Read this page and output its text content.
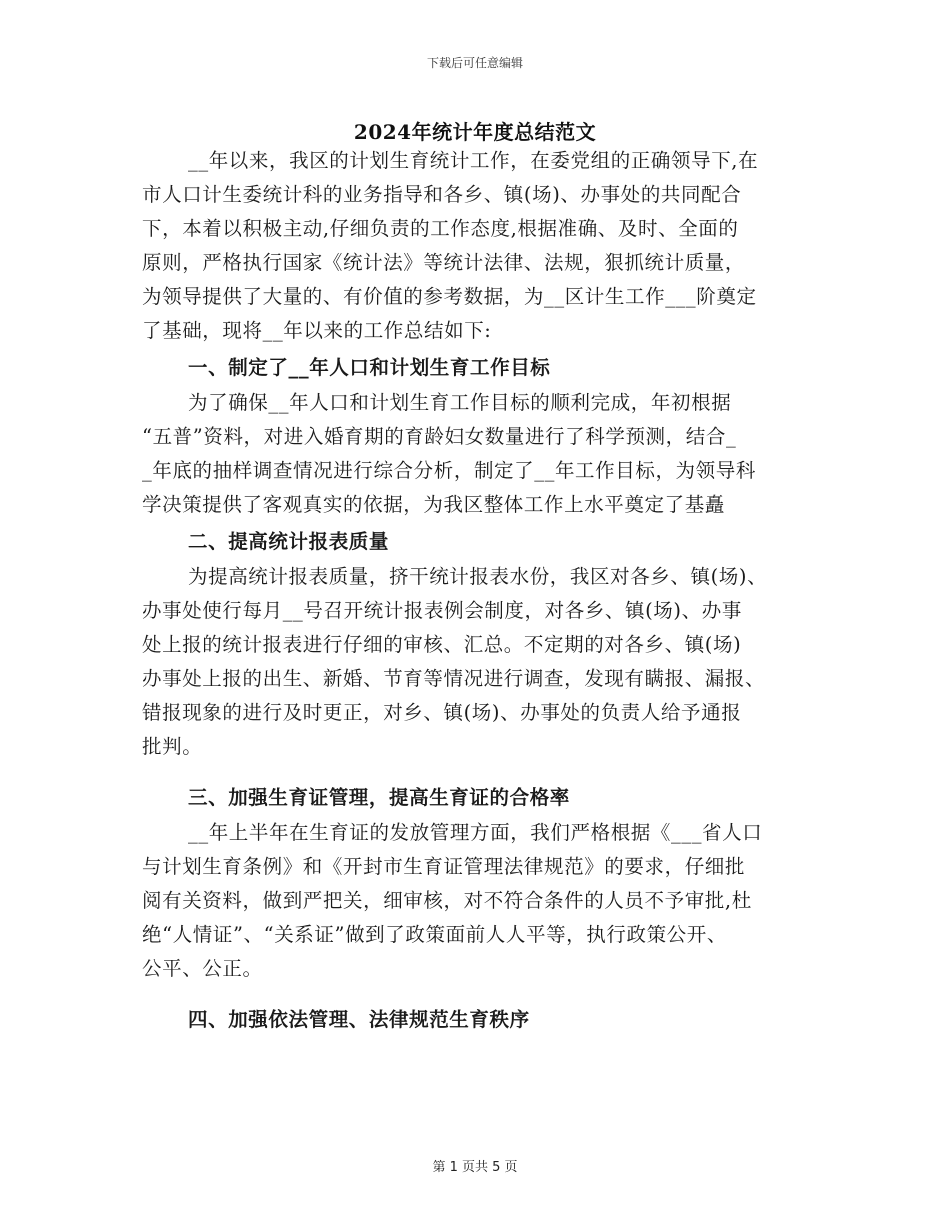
下载后可任意编辑
2024年统计年度总结范文
__年以来，我区的计划生育统计工作，在委党组的正确领导下,在
市人口计生委统计科的业务指导和各乡、镇(场)、办事处的共同配合
下，本着以积极主动,仔细负责的工作态度,根据准确、及时、全面的
原则，严格执行国家《统计法》等统计法律、法规，狠抓统计质量，
为领导提供了大量的、有价值的参考数据，为__区计生工作___阶奠定
了基础，现将__年以来的工作总结如下:
一、制定了__年人口和计划生育工作目标
为了确保__年人口和计划生育工作目标的顺利完成，年初根据
“五普”资料，对进入婚育期的育龄妇女数量进行了科学预测，结合_
_年底的抽样调查情况进行综合分析，制定了__年工作目标，为领导科
学决策提供了客观真实的依据，为我区整体工作上水平奠定了基矗
二、提高统计报表质量
为提高统计报表质量，挤干统计报表水份，我区对各乡、镇(场)、
办事处使行每月__号召开统计报表例会制度，对各乡、镇(场)、办事
处上报的统计报表进行仔细的审核、汇总。不定期的对各乡、镇(场)
办事处上报的出生、新婚、节育等情况进行调查，发现有瞒报、漏报、
错报现象的进行及时更正，对乡、镇(场)、办事处的负责人给予通报
批判。
三、加强生育证管理，提高生育证的合格率
__年上半年在生育证的发放管理方面，我们严格根据《___省人口
与计划生育条例》和《开封市生育证管理法律规范》的要求，仔细批
阅有关资料，做到严把关，细审核，对不符合条件的人员不予审批,杜
绝“人情证”、“关系证”做到了政策面前人人平等，执行政策公开、
公平、公正。
四、加强依法管理、法律规范生育秩序
第 1 页共 5 页
